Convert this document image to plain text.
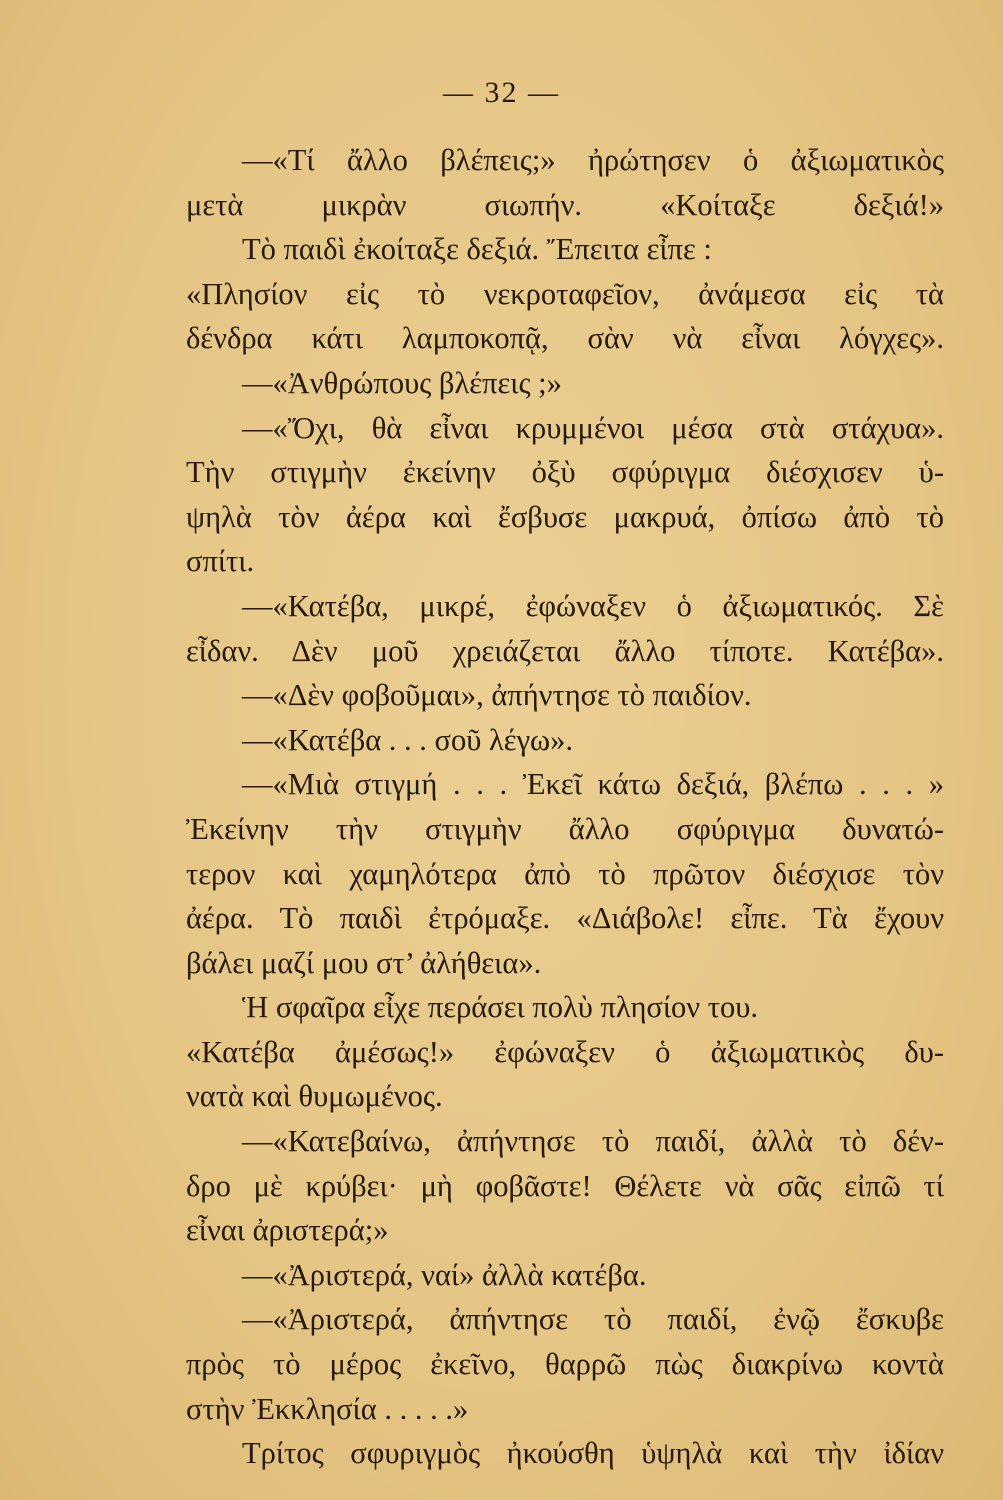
— 32 —
—«Τί ἄλλο βλέπεις;» ἠρώτησεν ὁ ἀξιωματικὸς
μετὰ μικρὰν σιωπήν. «Κοίταξε δεξιά!»
Τὸ παιδὶ ἐκοίταξε δεξιά. Ἔπειτα εἶπε :
«Πλησίον εἰς τὸ νεκροταφεῖον, ἀνάμεσα εἰς τὰ
δένδρα κάτι λαμποκοπᾷ, σὰν νὰ εἶναι λόγχες».
—«Ἀνθρώπους βλέπεις ;»
—«Ὄχι, θὰ εἶναι κρυμμένοι μέσα στὰ στάχυα».
Τὴν στιγμὴν ἐκείνην ὀξὺ σφύριγμα διέσχισεν ὑ-
ψηλὰ τὸν ἀέρα καὶ ἔσβυσε μακρυά, ὀπίσω ἀπὸ τὸ
σπίτι.
—«Κατέβα, μικρέ, ἐφώναξεν ὁ ἀξιωματικός. Σὲ
εἶδαν. Δὲν μοῦ χρειάζεται ἄλλο τίποτε. Κατέβα».
—«Δὲν φοβοῦμαι», ἀπήντησε τὸ παιδίον.
—«Κατέβα . . . σοῦ λέγω».
—«Μιὰ στιγμή . . . Ἐκεῖ κάτω δεξιά, βλέπω . . . »
Ἐκείνην τὴν στιγμὴν ἄλλο σφύριγμα δυνατώ-
τερον καὶ χαμηλότερα ἀπὸ τὸ πρῶτον διέσχισε τὸν
ἀέρα. Τὸ παιδὶ ἐτρόμαξε. «Διάβολε! εἶπε. Τὰ ἔχουν
βάλει μαζί μου στ’ ἀλήθεια».
Ἡ σφαῖρα εἶχε περάσει πολὺ πλησίον του.
«Κατέβα ἀμέσως!» ἐφώναξεν ὁ ἀξιωματικὸς δυ-
νατὰ καὶ θυμωμένος.
—«Κατεβαίνω, ἀπήντησε τὸ παιδί, ἀλλὰ τὸ δέν-
δρο μὲ κρύβει· μὴ φοβᾶστε! Θέλετε νὰ σᾶς εἰπῶ τί
εἶναι ἀριστερά;»
—«Ἀριστερά, ναί» ἀλλὰ κατέβα.
—«Ἀριστερά, ἀπήντησε τὸ παιδί, ἐνῷ ἔσκυβε
πρὸς τὸ μέρος ἐκεῖνο, θαρρῶ πὼς διακρίνω κοντὰ
στὴν Ἐκκλησία . . . . .»
Τρίτος σφυριγμὸς ἠκούσθη ὑψηλὰ καὶ τὴν ἰδίαν
